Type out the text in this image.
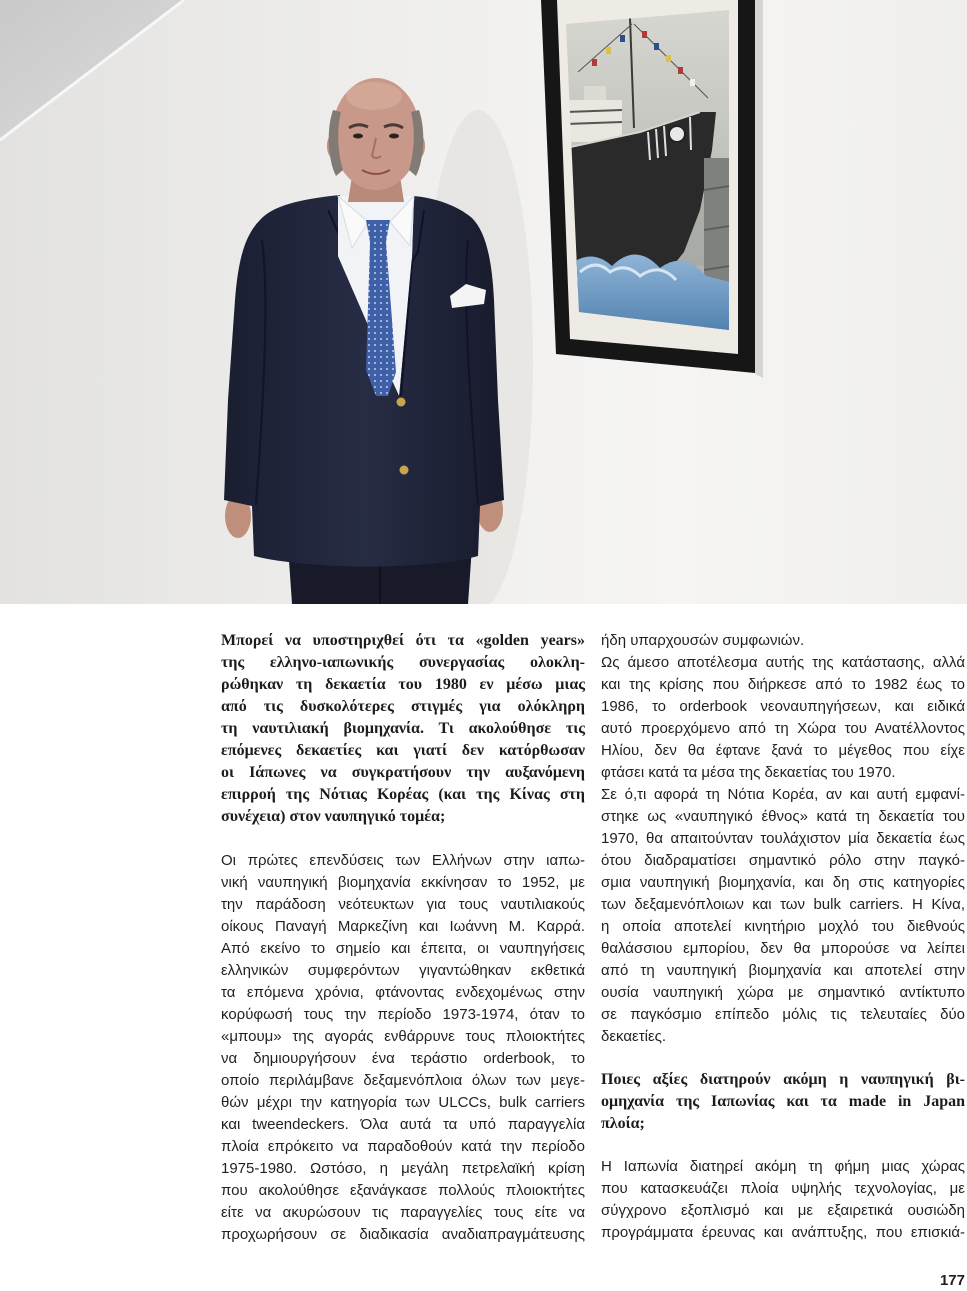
Μπορεί να υποστηριχθεί ότι τα «golden years»
της ελληνο-ιαπωνικής συνεργασίας ολοκλη-
ρώθηκαν τη δεκαετία του 1980 εν μέσω μιας
από τις δυσκολότερες στιγμές για ολόκληρη
τη ναυτιλιακή βιομηχανία. Τι ακολούθησε τις
επόμενες δεκαετίες και γιατί δεν κατόρθωσαν
οι Ιάπωνες να συγκρατήσουν την αυξανόμενη
επιρροή της Νότιας Κορέας (και της Κίνας στη
συνέχεια) στον ναυπηγικό τομέα;
Οι πρώτες επενδύσεις των Ελλήνων στην ιαπω-
νική ναυπηγική βιομηχανία εκκίνησαν το 1952, με
την παράδοση νεότευκτων για τους ναυτιλιακούς
οίκους Παναγή Μαρκεζίνη και Ιωάννη Μ. Καρρά.
Από εκείνο το σημείο και έπειτα, οι ναυπηγήσεις
ελληνικών συμφερόντων γιγαντώθηκαν εκθετικά
τα επόμενα χρόνια, φτάνοντας ενδεχομένως στην
κορύφωσή τους την περίοδο 1973-1974, όταν το
«μπουμ» της αγοράς ενθάρρυνε τους πλοιοκτήτες
να δημιουργήσουν ένα τεράστιο orderbook, το
οποίο περιλάμβανε δεξαμενόπλοια όλων των μεγε-
θών μέχρι την κατηγορία των ULCCs, bulk carriers
και tweendeckers. Όλα αυτά τα υπό παραγγελία
πλοία επρόκειτο να παραδοθούν κατά την περίοδο
1975-1980. Ωστόσο, η μεγάλη πετρελαϊκή κρίση
που ακολούθησε εξανάγκασε πολλούς πλοιοκτήτες
είτε να ακυρώσουν τις παραγγελίες τους είτε να
προχωρήσουν σε διαδικασία αναδιαπραγμάτευσης
ήδη υπαρχουσών συμφωνιών.
Ως άμεσο αποτέλεσμα αυτής της κατάστασης, αλλά
και της κρίσης που διήρκεσε από το 1982 έως το
1986, το orderbook νεοναυπηγήσεων, και ειδικά
αυτό προερχόμενο από τη Χώρα του Ανατέλλοντος
Ηλίου, δεν θα έφτανε ξανά το μέγεθος που είχε
φτάσει κατά τα μέσα της δεκαετίας του 1970.
Σε ό,τι αφορά τη Νότια Κορέα, αν και αυτή εμφανί-
στηκε ως «ναυπηγικό έθνος» κατά τη δεκαετία του
1970, θα απαιτούνταν τουλάχιστον μία δεκαετία έως
ότου διαδραματίσει σημαντικό ρόλο στην παγκό-
σμια ναυπηγική βιομηχανία, και δη στις κατηγορίες
των δεξαμενόπλοιων και των bulk carriers. Η Κίνα,
η οποία αποτελεί κινητήριο μοχλό του διεθνούς
θαλάσσιου εμπορίου, δεν θα μπορούσε να λείπει
από τη ναυπηγική βιομηχανία και αποτελεί στην
ουσία ναυπηγική χώρα με σημαντικό αντίκτυπο
σε παγκόσμιο επίπεδο μόλις τις τελευταίες δύο
δεκαετίες.
Ποιες αξίες διατηρούν ακόμη η ναυπηγική βι-
ομηχανία της Ιαπωνίας και τα made in Japan
πλοία;
Η Ιαπωνία διατηρεί ακόμη τη φήμη μιας χώρας
που κατασκευάζει πλοία υψηλής τεχνολογίας, με
σύγχρονο εξοπλισμό και με εξαιρετικά ουσιώδη
προγράμματα έρευνας και ανάπτυξης, που επισκιά-
177
